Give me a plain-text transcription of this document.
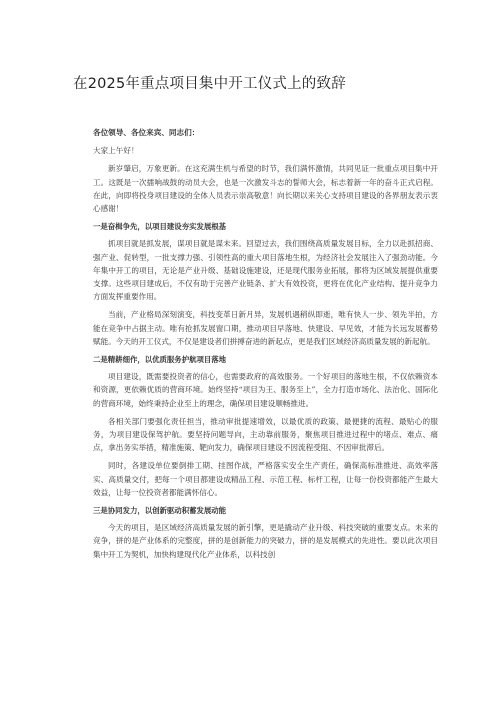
在2025年重点项目集中开工仪式上的致辞

各位领导、各位来宾、同志们：

大家上午好！

新岁肇启，万象更新。在这充满生机与希望的时节，我们满怀激情，共同见证一批重点项目集中开工。这既是一次擂响战鼓的动员大会，也是一次激发斗志的誓师大会，标志着新一年的奋斗正式启程。在此，向即将投身项目建设的全体人员表示崇高敬意！向长期以来关心支持项目建设的各界朋友表示衷心感谢！

一是奋楫争先，以项目建设夯实发展根基

抓项目就是抓发展，谋项目就是谋未来。回望过去，我们围绕高质量发展目标，全力以赴抓招商、强产业、促转型，一批支撑力强、引领性高的重大项目落地生根，为经济社会发展注入了强劲动能。今年集中开工的项目，无论是产业升级、基础设施建设，还是现代服务业拓展，都将为区域发展提供重要支撑。这些项目建成后，不仅有助于完善产业链条、扩大有效投资，更将在优化产业结构、提升竞争力方面发挥重要作用。

当前，产业格局深刻演变，科技变革日新月异，发展机遇稍纵即逝，唯有快人一步、领先半拍，方能在竞争中占据主动。唯有抢抓发展窗口期，推动项目早落地、快建设、早见效，才能为长远发展蓄势赋能。今天的开工仪式，不仅是建设者们拼搏奋进的新起点，更是我们区域经济高质量发展的新起航。

二是精耕细作，以优质服务护航项目落地

项目建设，既需要投资者的信心，也需要政府的高效服务。一个好项目的落地生根，不仅依赖资本和资源，更依赖优质的营商环境。始终坚持“项目为王、服务至上”，全力打造市场化、法治化、国际化的营商环境，始终秉持企业至上的理念，确保项目建设顺畅推进。

各相关部门要强化责任担当，推动审批提速增效，以最优质的政策、最便捷的流程、最贴心的服务，为项目建设保驾护航。要坚持问题导向，主动靠前服务，聚焦项目推进过程中的堵点、难点、痛点，拿出务实举措，精准施策、靶向发力，确保项目建设不因流程受阻、不因审批滞后。

同时，各建设单位要倒排工期、挂图作战，严格落实安全生产责任，确保高标准推进、高效率落实、高质量交付，把每一个项目都建设成精品工程、示范工程、标杆工程，让每一份投资都能产生最大效益，让每一位投资者都能满怀信心。

三是协同发力，以创新驱动积蓄发展动能

今天的项目，是区域经济高质量发展的新引擎，更是撬动产业升级、科技突破的重要支点。未来的竞争，拼的是产业体系的完整度，拼的是创新能力的突破力，拼的是发展模式的先进性。要以此次项目集中开工为契机，加快构建现代化产业体系，以科技创
